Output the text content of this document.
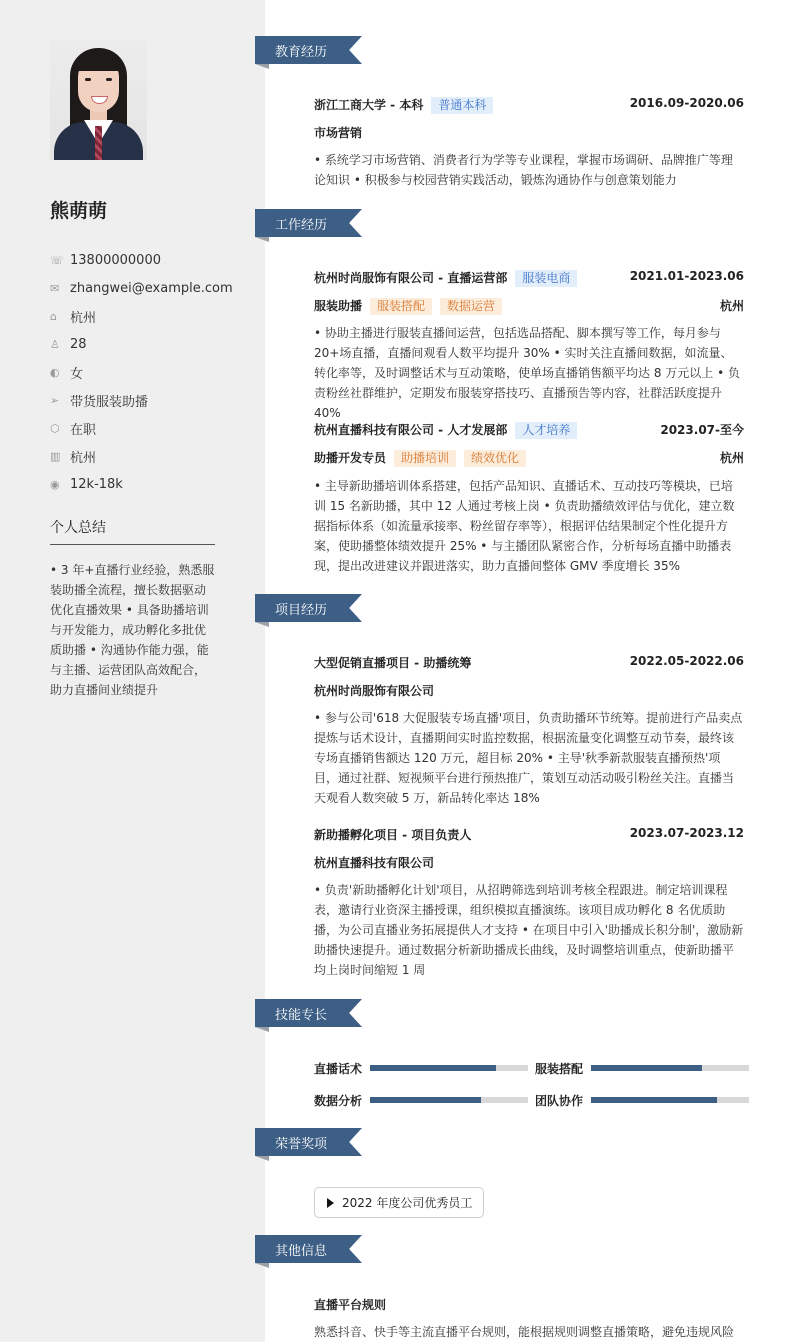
熊萌萌
☏ 13800000000
✉ zhangwei@example.com
⌂	杭州
♙ 28
◐ 女
➢ 带货服装助播
⬡ 在职
▥ 杭州
◉ 12k-18k
个人总结
• 3 年+直播行业经验，熟悉服装助播全流程，擅长数据驱动优化直播效果 • 具备助播培训与开发能力，成功孵化多批优质助播 • 沟通协作能力强，能与主播、运营团队高效配合，助力直播间业绩提升
教育经历
浙江工商大学 - 本科 普通本科	2016.09-2020.06
市场营销
• 系统学习市场营销、消费者行为学等专业课程，掌握市场调研、品牌推广等理论知识 • 积极参与校园营销实践活动，锻炼沟通协作与创意策划能力
工作经历
杭州时尚服饰有限公司 - 直播运营部 服装电商	2021.01-2023.06
服装助播 服装搭配 数据运营	杭州
• 协助主播进行服装直播间运营，包括选品搭配、脚本撰写等工作，每月参与 20+场直播，直播间观看人数平均提升 30% • 实时关注直播间数据，如流量、转化率等，及时调整话术与互动策略，使单场直播销售额平均达 8 万元以上 • 负责粉丝社群维护，定期发布服装穿搭技巧、直播预告等内容，社群活跃度提升 40%
杭州直播科技有限公司 - 人才发展部 人才培养	2023.07-至今
助播开发专员 助播培训 绩效优化	杭州
• 主导新助播培训体系搭建，包括产品知识、直播话术、互动技巧等模块，已培训 15 名新助播，其中 12 人通过考核上岗 • 负责助播绩效评估与优化，建立数据指标体系（如流量承接率、粉丝留存率等），根据评估结果制定个性化提升方案，使助播整体绩效提升 25% • 与主播团队紧密合作，分析每场直播中助播表现，提出改进建议并跟进落实，助力直播间整体 GMV 季度增长 35%
项目经历
大型促销直播项目 - 助播统筹	2022.05-2022.06
杭州时尚服饰有限公司
• 参与公司'618 大促服装专场直播'项目，负责助播环节统筹。提前进行产品卖点提炼与话术设计，直播期间实时监控数据，根据流量变化调整互动节奏，最终该专场直播销售额达 120 万元，超目标 20% • 主导'秋季新款服装直播预热'项目，通过社群、短视频平台进行预热推广，策划互动活动吸引粉丝关注。直播当天观看人数突破 5 万，新品转化率达 18%
新助播孵化项目 - 项目负责人	2023.07-2023.12
杭州直播科技有限公司
• 负责'新助播孵化计划'项目，从招聘筛选到培训考核全程跟进。制定培训课程表，邀请行业资深主播授课，组织模拟直播演练。该项目成功孵化 8 名优质助播，为公司直播业务拓展提供人才支持 • 在项目中引入'助播成长积分制'，激励新助播快速提升。通过数据分析新助播成长曲线，及时调整培训重点，使新助播平均上岗时间缩短 1 周
技能专长
直播话术	服装搭配
数据分析	团队协作
荣誉奖项
2022 年度公司优秀员工
其他信息
直播平台规则
熟悉抖音、快手等主流直播平台规则，能根据规则调整直播策略，避免违规风险
